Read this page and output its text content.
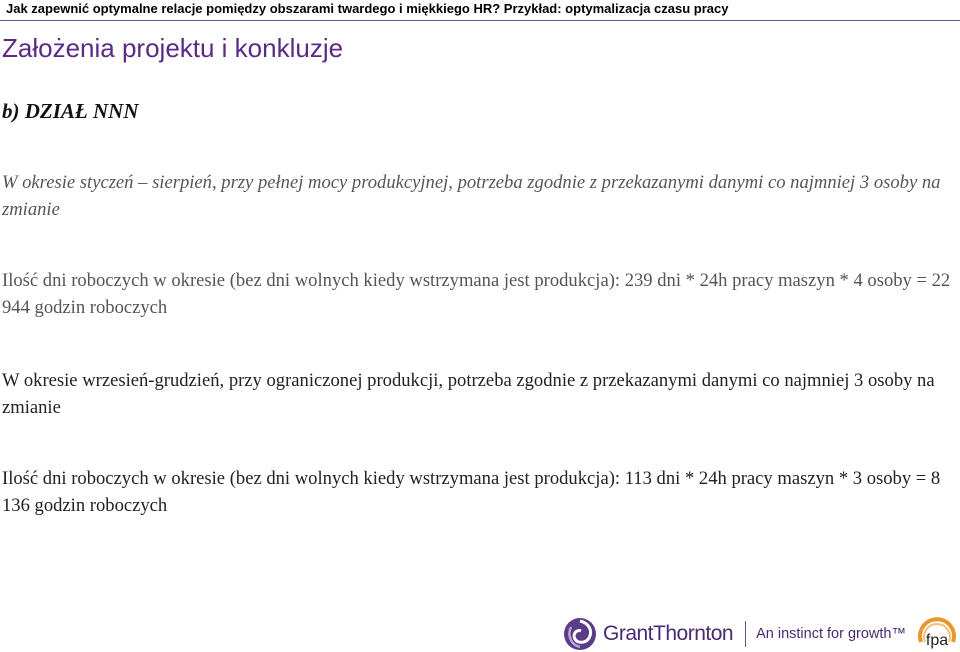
Jak zapewnić optymalne relacje pomiędzy obszarami twardego i miękkiego HR? Przykład: optymalizacja czasu pracy
Założenia projektu i konkluzje
b) DZIAŁ NNN

W okresie styczeń – sierpień, przy pełnej mocy produkcyjnej, potrzeba zgodnie z przekazanymi danymi co najmniej 3 osoby na zmianie

Ilość dni roboczych w okresie (bez dni wolnych kiedy wstrzymana jest produkcja): 239 dni * 24h pracy maszyn * 4 osoby = 22 944 godzin roboczych

W okresie wrzesień-grudzień, przy ograniczonej produkcji, potrzeba zgodnie z przekazanymi danymi co najmniej 3 osoby na zmianie

Ilość dni roboczych w okresie (bez dni wolnych kiedy wstrzymana jest produkcja): 113 dni * 24h pracy maszyn * 3 osoby = 8 136 godzin roboczych

GrantThornton An instinct for growth™ fpa
